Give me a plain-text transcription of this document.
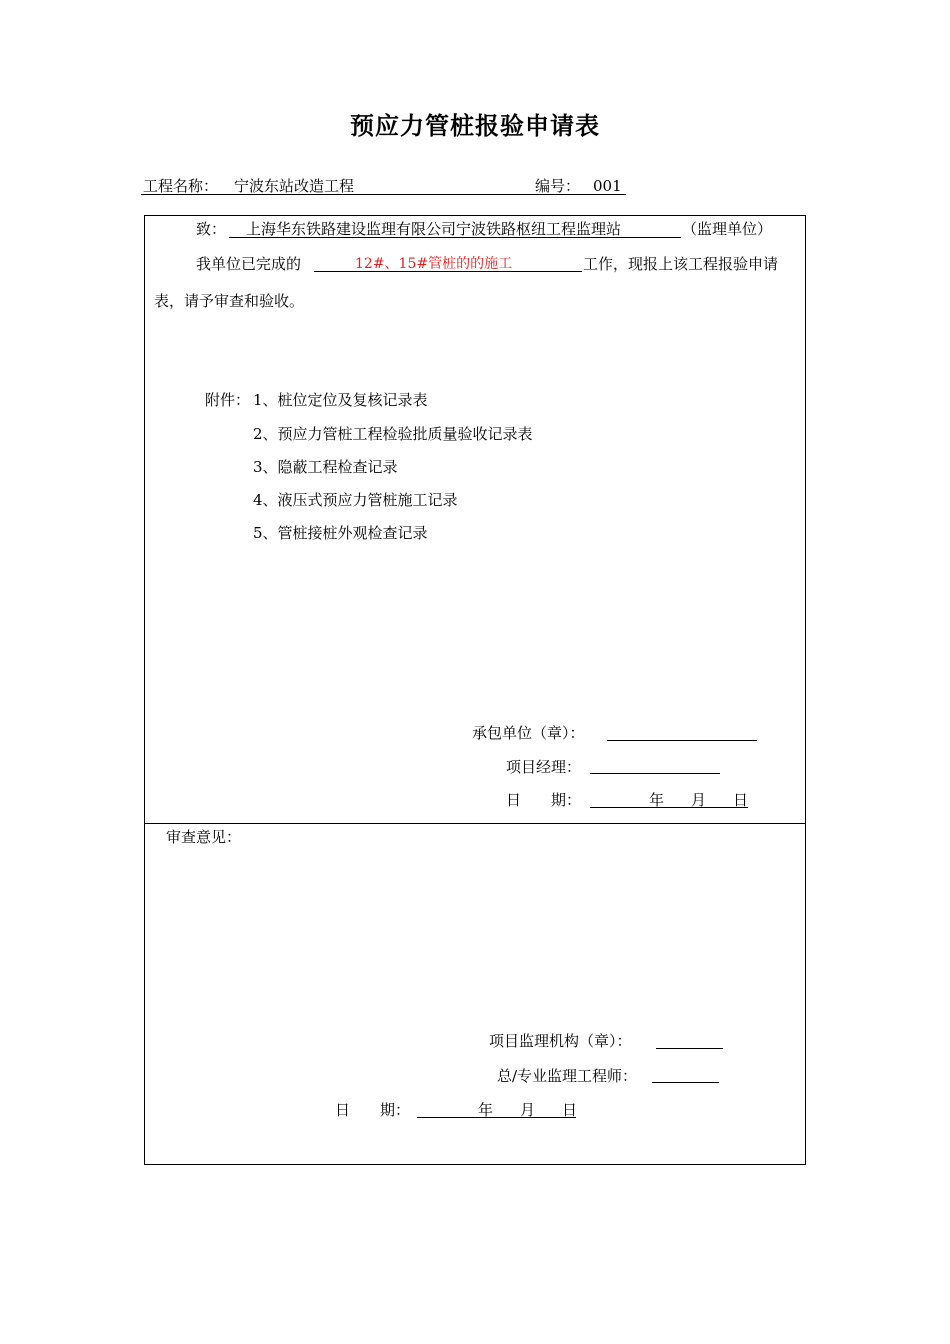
预应力管桩报验申请表
工程名称： 宁波东站改造工程	编号： 001
致： 上海华东铁路建设监理有限公司宁波铁路枢纽工程监理站	（监理单位）
我单位已完成的	12#、15#管桩的的施工	工作，现报上该工程报验申请
表，请予审查和验收。
附件： 1、桩位定位及复核记录表
2、预应力管桩工程检验批质量验收记录表
3、隐蔽工程检查记录
4、液压式预应力管桩施工记录
5、管桩接桩外观检查记录
承包单位（章）：
项目经理：
日　　期：	年 月 日
审查意见：
项目监理机构（章）：
总/专业监理工程师：
日　　期：	年 月 日
